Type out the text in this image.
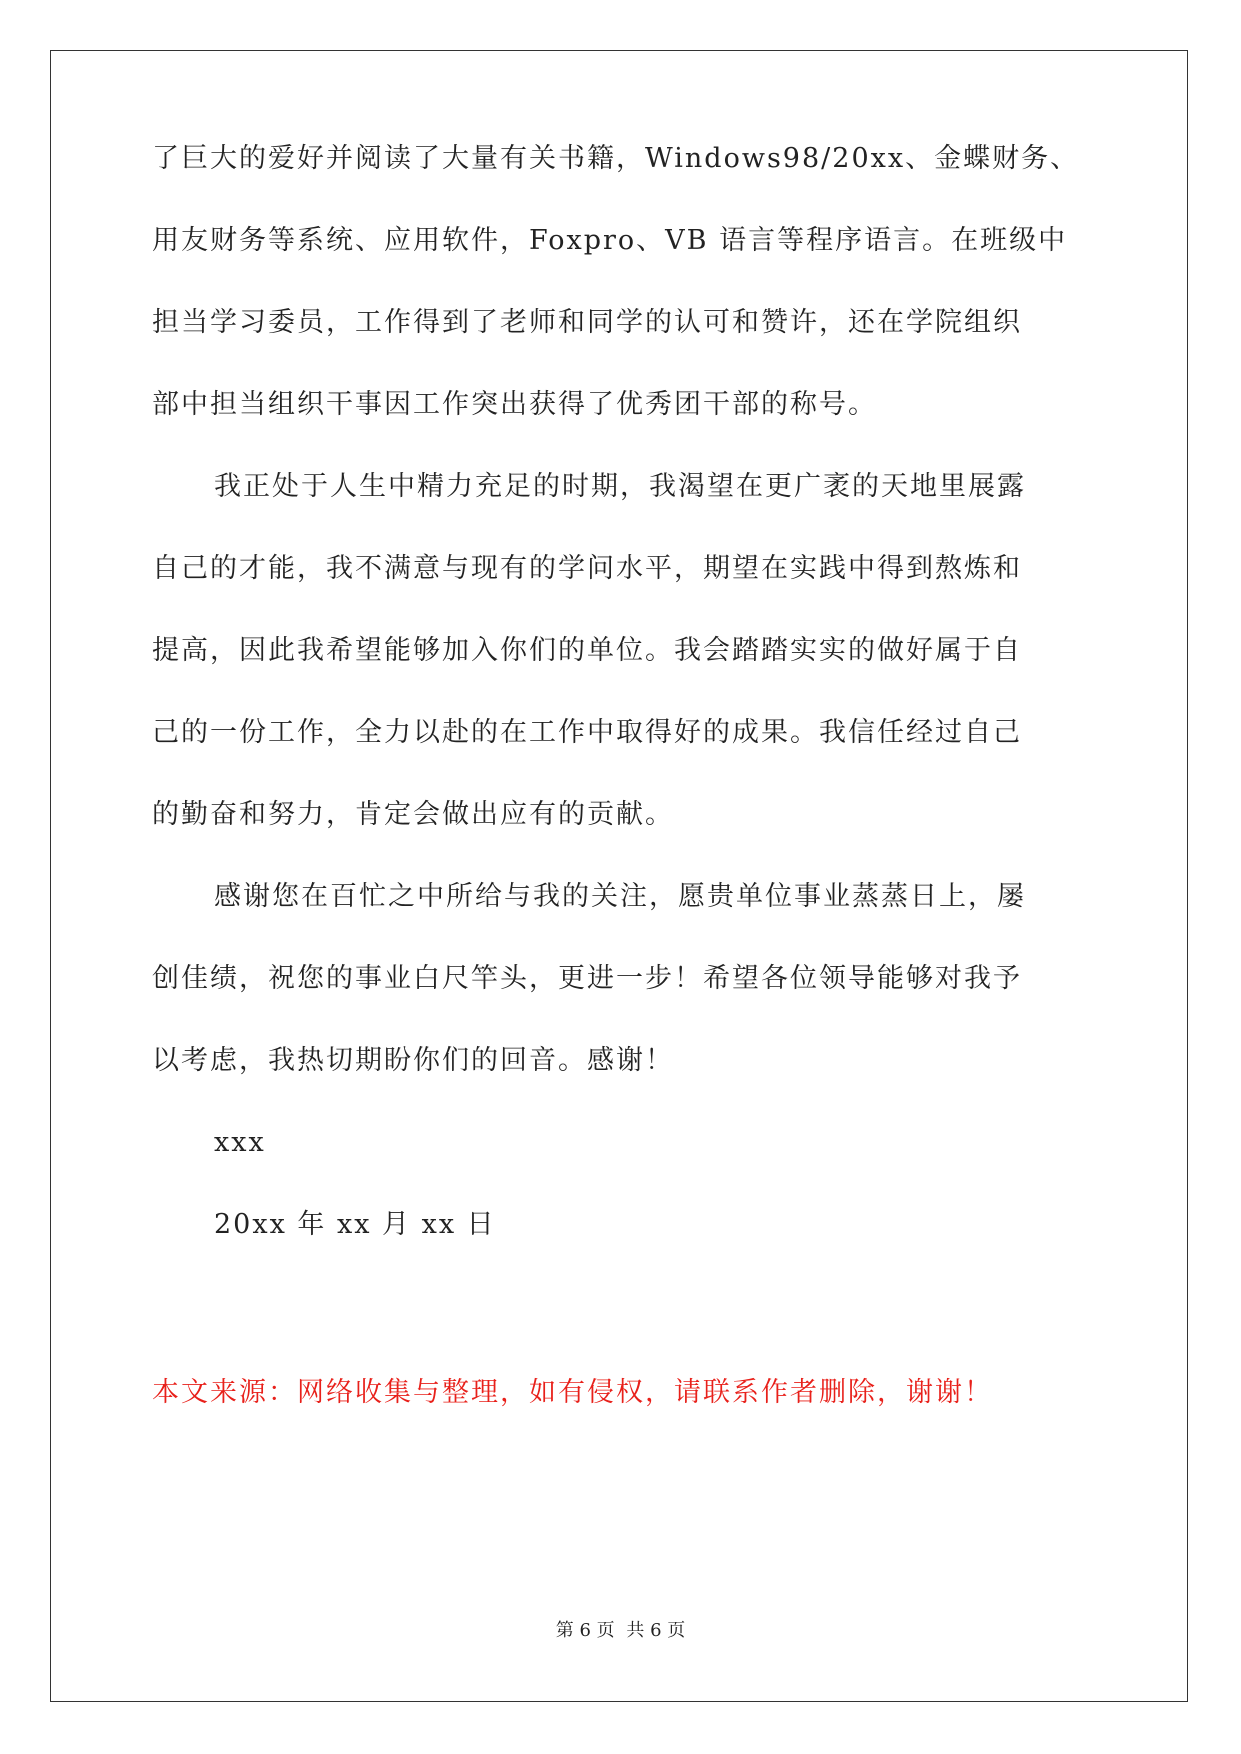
了巨大的爱好并阅读了大量有关书籍，Windows98/20xx、金蝶财务、
用友财务等系统、应用软件，Foxpro、VB 语言等程序语言。在班级中
担当学习委员，工作得到了老师和同学的认可和赞许，还在学院组织
部中担当组织干事因工作突出获得了优秀团干部的称号。
我正处于人生中精力充足的时期，我渴望在更广袤的天地里展露
自己的才能，我不满意与现有的学问水平，期望在实践中得到熬炼和
提高，因此我希望能够加入你们的单位。我会踏踏实实的做好属于自
己的一份工作，全力以赴的在工作中取得好的成果。我信任经过自己
的勤奋和努力，肯定会做出应有的贡献。
感谢您在百忙之中所给与我的关注，愿贵单位事业蒸蒸日上，屡
创佳绩，祝您的事业白尺竿头，更进一步！希望各位领导能够对我予
以考虑，我热切期盼你们的回音。感谢！
xxx
20xx 年 xx 月 xx 日
本文来源：网络收集与整理，如有侵权，请联系作者删除，谢谢！
第 6 页 共 6 页
